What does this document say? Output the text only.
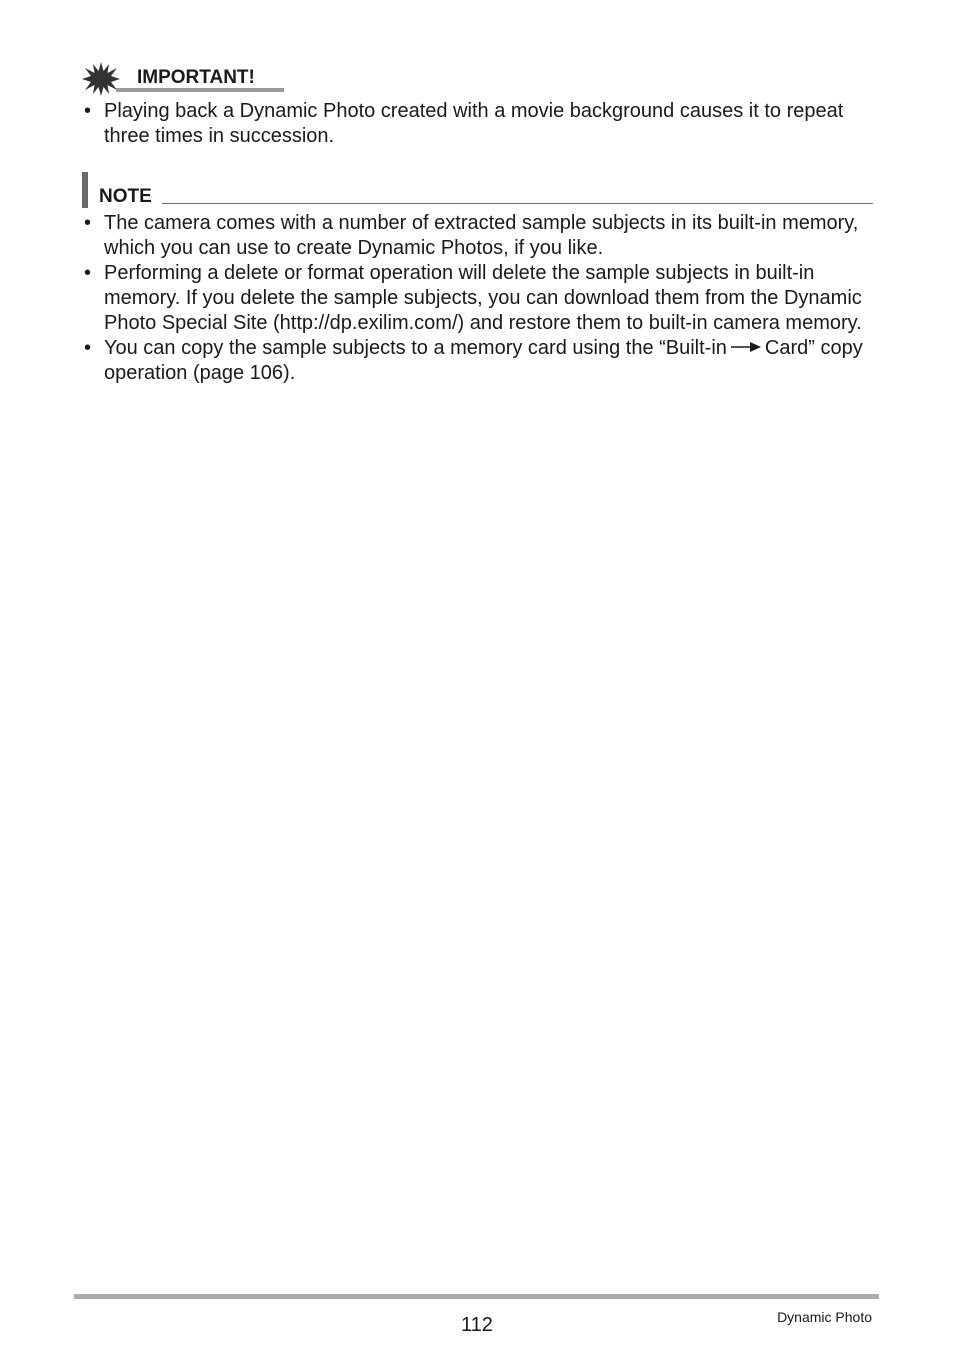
IMPORTANT!
• Playing back a Dynamic Photo created with a movie background causes it to repeat three times in succession.
NOTE
• The camera comes with a number of extracted sample subjects in its built-in memory, which you can use to create Dynamic Photos, if you like.
• Performing a delete or format operation will delete the sample subjects in built-in memory. If you delete the sample subjects, you can download them from the Dynamic Photo Special Site (http://dp.exilim.com/) and restore them to built-in camera memory.
• You can copy the sample subjects to a memory card using the “Built-in Card” copy operation (page 106).
112	Dynamic Photo
